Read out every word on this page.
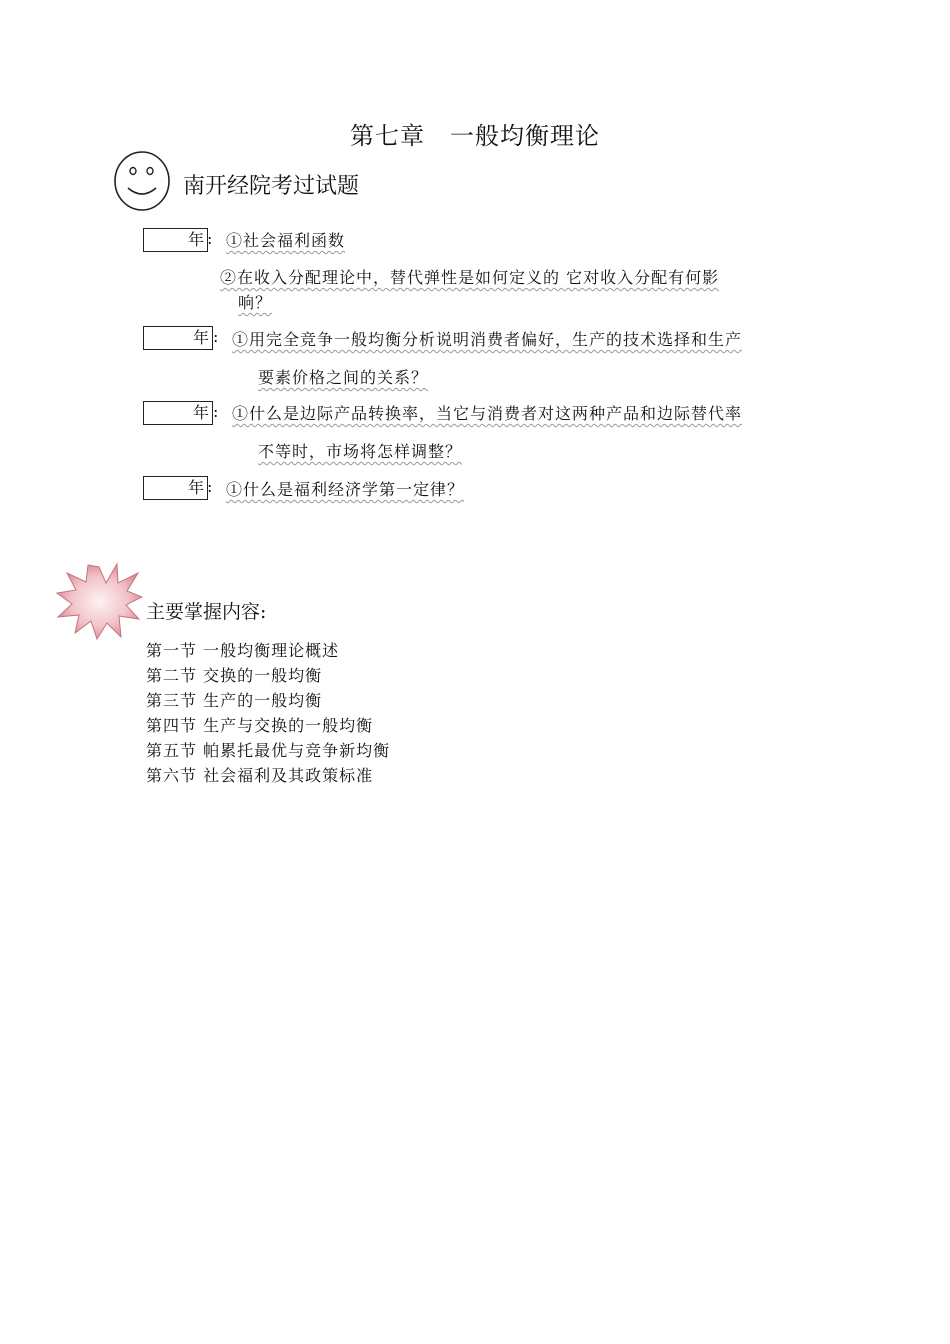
第七章　一般均衡理论
南开经院考过试题
年 : ①社会福利函数
②在收入分配理论中，替代弹性是如何定义的 它对收入分配有何影
响？
年 : ①用完全竞争一般均衡分析说明消费者偏好，生产的技术选择和生产
要素价格之间的关系？
年 : ①什么是边际产品转换率，当它与消费者对这两种产品和边际替代率
不等时，市场将怎样调整？
年 : ①什么是福利经济学第一定律？
主要掌握内容:
第一节 一般均衡理论概述
第二节 交换的一般均衡
第三节 生产的一般均衡
第四节 生产与交换的一般均衡
第五节 帕累托最优与竞争新均衡
第六节 社会福利及其政策标准
